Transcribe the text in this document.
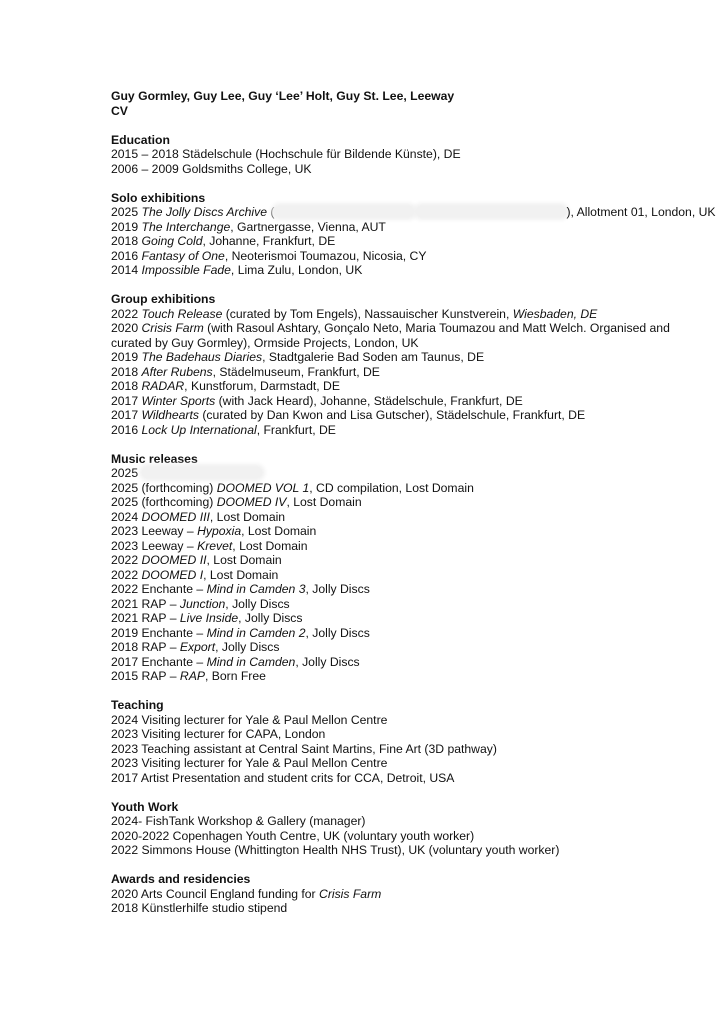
Guy Gormley, Guy Lee, Guy ‘Lee’ Holt, Guy St. Lee, Leeway
CV
Education
2015 – 2018 Städelschule (Hochschule für Bildende Künste), DE
2006 – 2009 Goldsmiths College, UK
Solo exhibitions
2025 The Jolly Discs Archive (	), Allotment 01, London, UK
2019 The Interchange, Gartnergasse, Vienna, AUT
2018 Going Cold, Johanne, Frankfurt, DE
2016 Fantasy of One, Neoterismoi Toumazou, Nicosia, CY
2014 Impossible Fade, Lima Zulu, London, UK
Group exhibitions
2022 Touch Release (curated by Tom Engels), Nassauischer Kunstverein, Wiesbaden, DE
2020 Crisis Farm (with Rasoul Ashtary, Gonçalo Neto, Maria Toumazou and Matt Welch. Organised and curated by Guy Gormley), Ormside Projects, London, UK
2019 The Badehaus Diaries, Stadtgalerie Bad Soden am Taunus, DE
2018 After Rubens, Städelmuseum, Frankfurt, DE
2018 RADAR, Kunstforum, Darmstadt, DE
2017 Winter Sports (with Jack Heard), Johanne, Städelschule, Frankfurt, DE
2017 Wildhearts (curated by Dan Kwon and Lisa Gutscher), Städelschule, Frankfurt, DE
2016 Lock Up International, Frankfurt, DE
Music releases
2025
2025 (forthcoming) DOOMED VOL 1, CD compilation, Lost Domain
2025 (forthcoming) DOOMED IV, Lost Domain
2024 DOOMED III, Lost Domain
2023 Leeway – Hypoxia, Lost Domain
2023 Leeway – Krevet, Lost Domain
2022 DOOMED II, Lost Domain
2022 DOOMED I, Lost Domain
2022 Enchante – Mind in Camden 3, Jolly Discs
2021 RAP – Junction, Jolly Discs
2021 RAP – Live Inside, Jolly Discs
2019 Enchante – Mind in Camden 2, Jolly Discs
2018 RAP – Export, Jolly Discs
2017 Enchante – Mind in Camden, Jolly Discs
2015 RAP – RAP, Born Free
Teaching
2024 Visiting lecturer for Yale & Paul Mellon Centre
2023 Visiting lecturer for CAPA, London
2023 Teaching assistant at Central Saint Martins, Fine Art (3D pathway)
2023 Visiting lecturer for Yale & Paul Mellon Centre
2017 Artist Presentation and student crits for CCA, Detroit, USA
Youth Work
2024- FishTank Workshop & Gallery (manager)
2020-2022 Copenhagen Youth Centre, UK (voluntary youth worker)
2022 Simmons House (Whittington Health NHS Trust), UK (voluntary youth worker)
Awards and residencies
2020 Arts Council England funding for Crisis Farm
2018 Künstlerhilfe studio stipend
